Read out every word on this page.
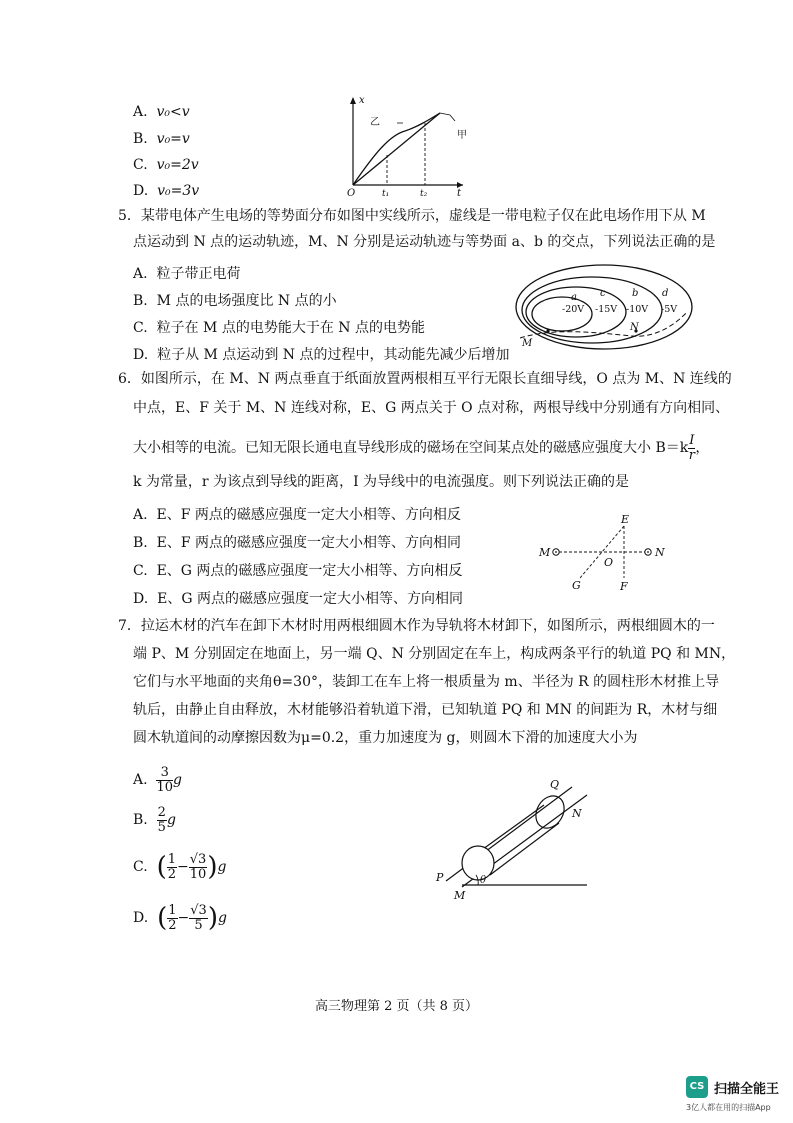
A. v₀<v
B. v₀=v
C. v₀=2v
D. v₀=3v
x
t
O	t₁	t₂
乙
甲
5．某带电体产生电场的等势面分布如图中实线所示，虚线是一带电粒子仅在此电场作用下从 M
点运动到 N 点的运动轨迹，M、N 分别是运动轨迹与等势面 a、b 的交点，下列说法正确的是
A. 粒子带正电荷
B. M 点的电场强度比 N 点的小
C. 粒子在 M 点的电势能大于在 N 点的电势能
D. 粒子从 M 点运动到 N 点的过程中，其动能先减少后增加
a c	b d
-20V -15V -10V -5V
M
N
6．如图所示，在 M、N 两点垂直于纸面放置两根相互平行无限长直细导线，O 点为 M、N 连线的
中点，E、F 关于 M、N 连线对称，E、G 两点关于 O 点对称，两根导线中分别通有方向相同、
大小相等的电流。已知无限长通电直导线形成的磁场在空间某点处的磁感应强度大小 $B=k \frac{I}{r}$ ，
k 为常量，r 为该点到导线的距离，I 为导线中的电流强度。则下列说法正确的是
A. E、F 两点的磁感应强度一定大小相等、方向相反
B. E、F 两点的磁感应强度一定大小相等、方向相同
C. E、G 两点的磁感应强度一定大小相等、方向相反
D. E、G 两点的磁感应强度一定大小相等、方向相同
M	N
E
F
G
O
7．拉运木材的汽车在卸下木材时用两根细圆木作为导轨将木材卸下，如图所示，两根细圆木的一
端 P、M 分别固定在地面上，另一端 Q、N 分别固定在车上，构成两条平行的轨道 PQ 和 MN，
它们与水平地面的夹角θ=30°，装卸工在车上将一根质量为 m、半径为 R 的圆柱形木材推上导
轨后，由静止自由释放，木材能够沿着轨道下滑，已知轨道 PQ 和 MN 的间距为 R，木材与细
圆木轨道间的动摩擦因数为μ=0.2，重力加速度为 g，则圆木下滑的加速度大小为
A. $\frac{3}{10}$ g
B. $\frac{2}{5}$ g
C. ( $\frac{1}{2} - \frac{√3}{10} )g$
D. ( $\frac{1}{2} - \frac{√3}{5} )g$
θ
Q
N
P
M
高三物理第 2 页（共 8 页）
CS 扫描全能王
3亿人都在用的扫描App
